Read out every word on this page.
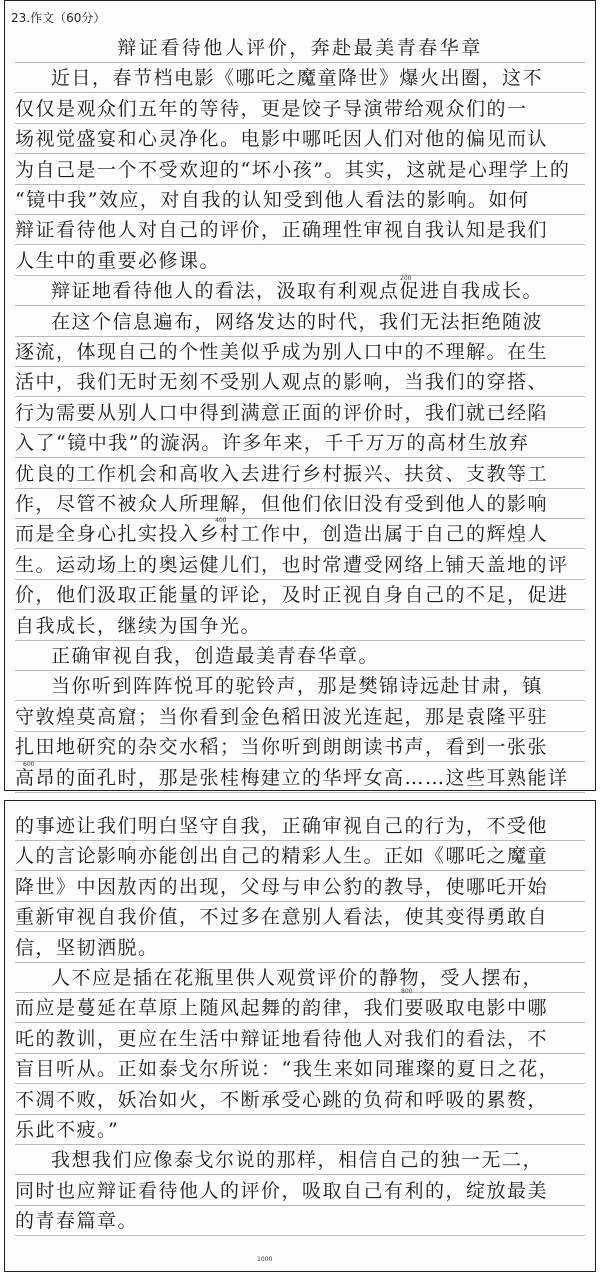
23.作文（60分）
辩证看待他人评价，奔赴最美青春华章
近日，春节档电影《哪吒之魔童降世》爆火出圈，这不
仅仅是观众们五年的等待，更是饺子导演带给观众们的一
场视觉盛宴和心灵净化。电影中哪吒因人们对他的偏见而认
为自己是一个不受欢迎的“坏小孩”。其实，这就是心理学上的
“镜中我”效应，对自我的认知受到他人看法的影响。如何
辩证看待他人对自己的评价，正确理性审视自我认知是我们
人生中的重要必修课。
辩证地看待他人的看法，汲取有利观点促进自我成长。
在这个信息遍布，网络发达的时代，我们无法拒绝随波
逐流，体现自己的个性美似乎成为别人口中的不理解。在生
活中，我们无时无刻不受别人观点的影响，当我们的穿搭、
行为需要从别人口中得到满意正面的评价时，我们就已经陷
入了“镜中我”的漩涡。许多年来，千千万万的高材生放弃
优良的工作机会和高收入去进行乡村振兴、扶贫、支教等工
作，尽管不被众人所理解，但他们依旧没有受到他人的影响
而是全身心扎实投入乡村工作中，创造出属于自己的辉煌人
生。运动场上的奥运健儿们，也时常遭受网络上铺天盖地的评
价，他们汲取正能量的评论，及时正视自身自己的不足，促进
自我成长，继续为国争光。
正确审视自我，创造最美青春华章。
当你听到阵阵悦耳的驼铃声，那是樊锦诗远赴甘肃，镇
守敦煌莫高窟；当你看到金色稻田波光连起，那是袁隆平驻
扎田地研究的杂交水稻；当你听到朗朗读书声，看到一张张
高昂的面孔时，那是张桂梅建立的华坪女高……这些耳熟能详
200
400
600
的事迹让我们明白坚守自我，正确审视自己的行为，不受他
人的言论影响亦能创出自己的精彩人生。正如《哪吒之魔童
降世》中因敖丙的出现，父母与申公豹的教导，使哪吒开始
重新审视自我价值，不过多在意别人看法，使其变得勇敢自
信，坚韧洒脱。
人不应是插在花瓶里供人观赏评价的静物，受人摆布，
而应是蔓延在草原上随风起舞的韵律，我们要吸取电影中哪
吒的教训，更应在生活中辩证地看待他人对我们的看法，不
盲目听从。正如泰戈尔所说：“我生来如同璀璨的夏日之花，
不凋不败，妖冶如火，不断承受心跳的负荷和呼吸的累赘，
乐此不疲。”
我想我们应像泰戈尔说的那样，相信自己的独一无二，
同时也应辩证看待他人的评价，吸取自己有利的，绽放最美
的青春篇章。
800
1000
